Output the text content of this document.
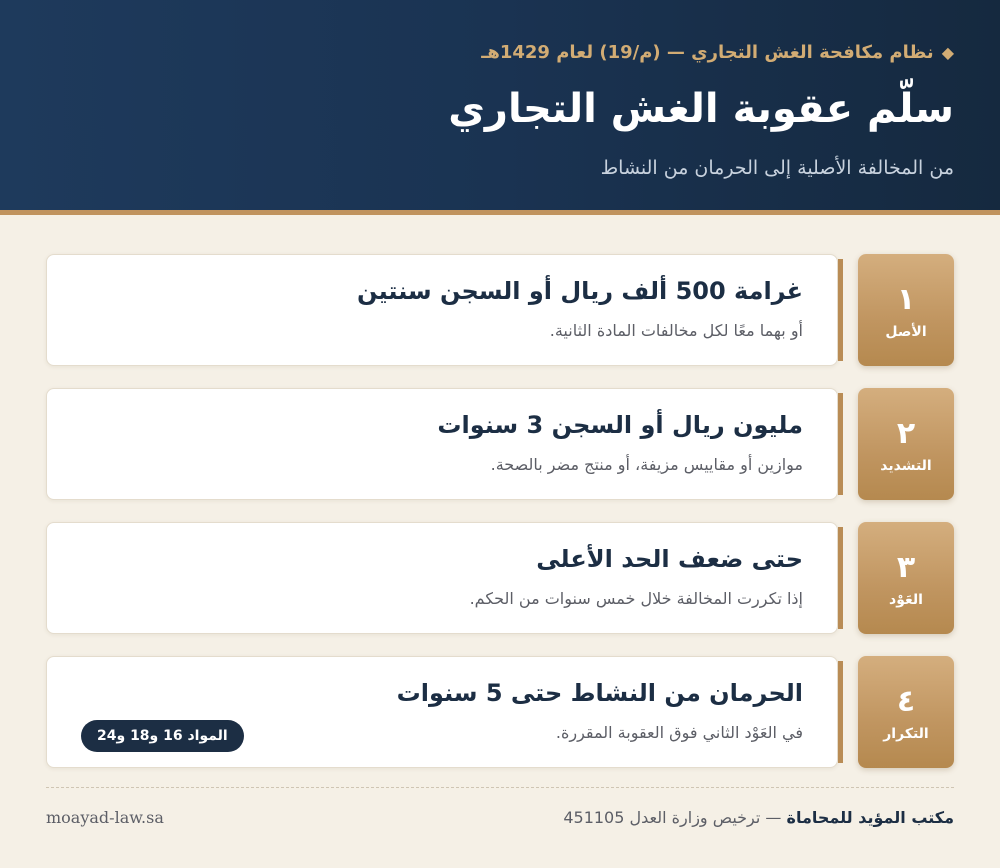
◆نظام مكافحة الغش التجاري — (م/19) لعام 1429هـ
سلّم عقوبة الغش التجاري
من المخالفة الأصلية إلى الحرمان من النشاط
١
الأصل
غرامة 500 ألف ريال أو السجن سنتين
أو بهما معًا لكل مخالفات المادة الثانية.
٢
التشديد
مليون ريال أو السجن 3 سنوات
موازين أو مقاييس مزيفة، أو منتج مضر بالصحة.
٣
العَوْد
حتى ضعف الحد الأعلى
إذا تكررت المخالفة خلال خمس سنوات من الحكم.
٤
التكرار
الحرمان من النشاط حتى 5 سنوات
في العَوْد الثاني فوق العقوبة المقررة.
المواد 16 و18 و24
مكتب المؤيد للمحاماة — ترخيص وزارة العدل 451105
moayad-law.sa
